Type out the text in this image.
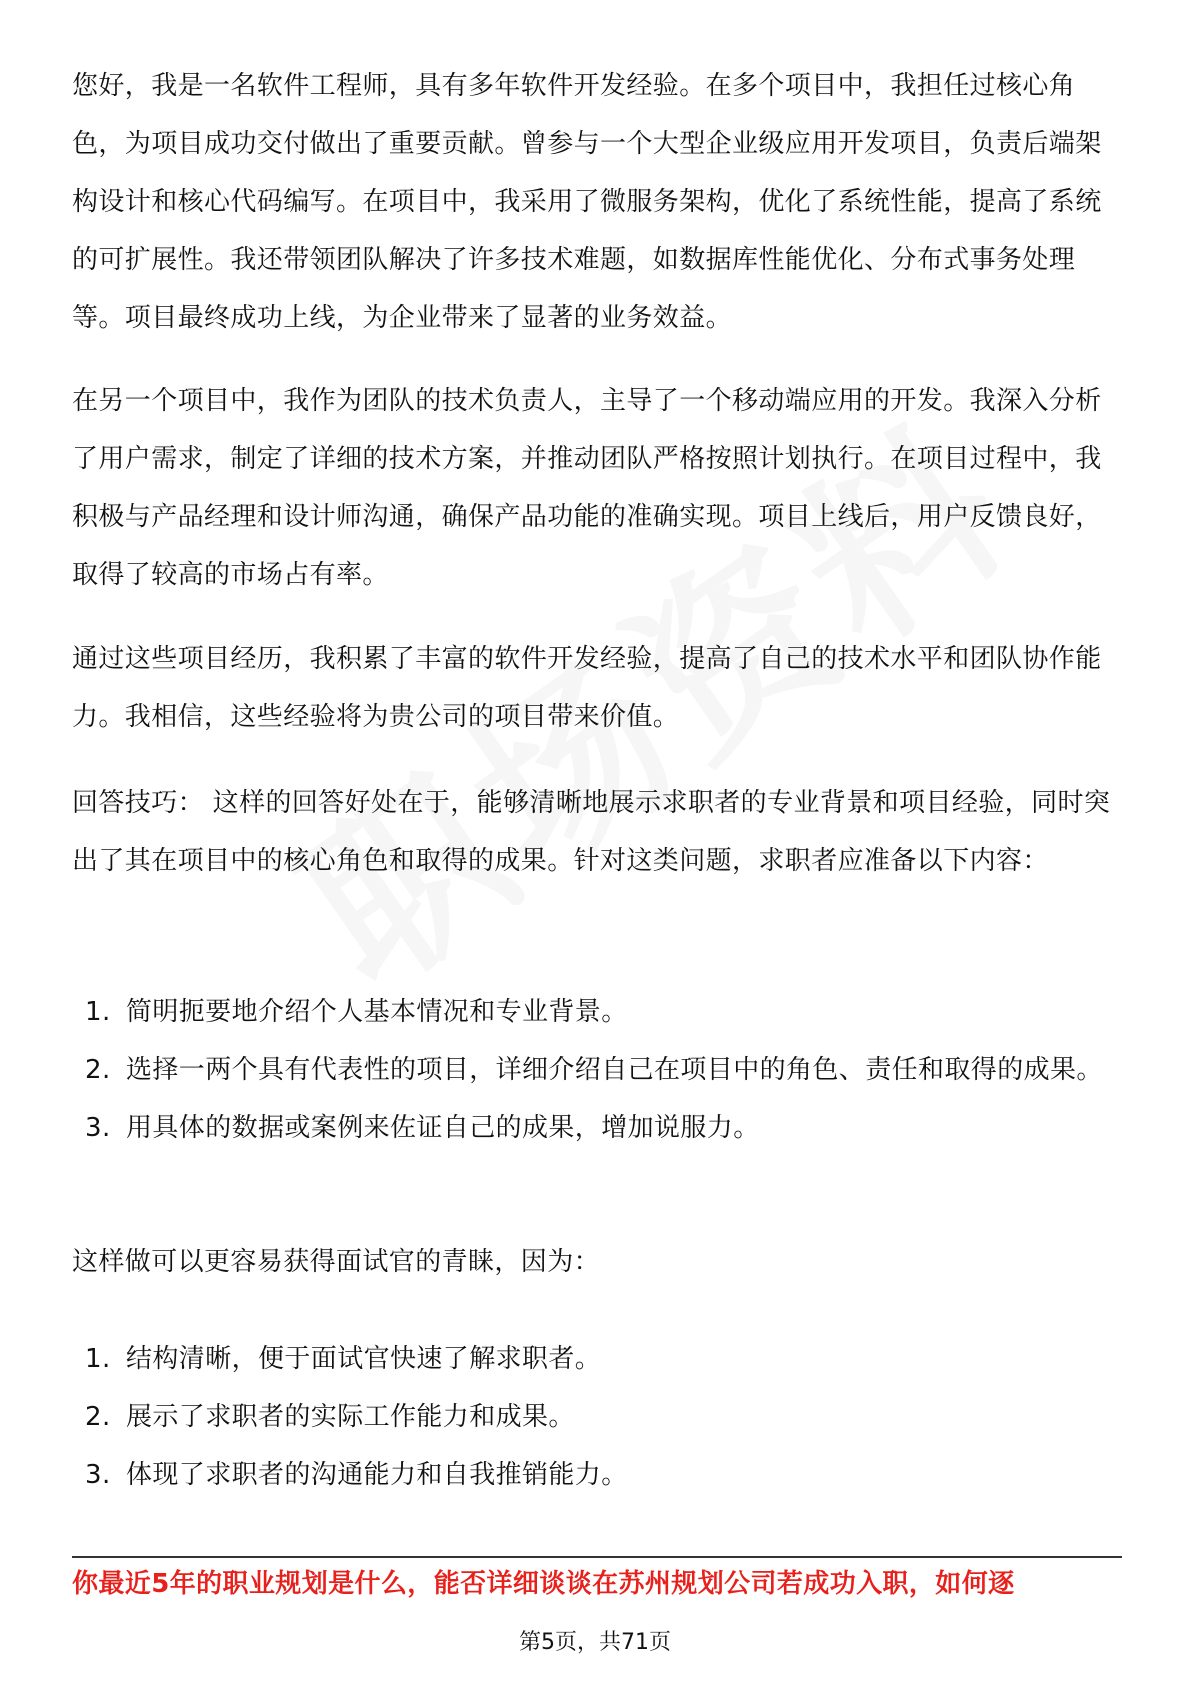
您好，我是一名软件工程师，具有多年软件开发经验。在多个项目中，我担任过核心角色，为项目成功交付做出了重要贡献。曾参与一个大型企业级应用开发项目，负责后端架构设计和核心代码编写。在项目中，我采用了微服务架构，优化了系统性能，提高了系统的可扩展性。我还带领团队解决了许多技术难题，如数据库性能优化、分布式事务处理等。项目最终成功上线，为企业带来了显著的业务效益。

在另一个项目中，我作为团队的技术负责人，主导了一个移动端应用的开发。我深入分析了用户需求，制定了详细的技术方案，并推动团队严格按照计划执行。在项目过程中，我积极与产品经理和设计师沟通，确保产品功能的准确实现。项目上线后，用户反馈良好，取得了较高的市场占有率。

通过这些项目经历，我积累了丰富的软件开发经验，提高了自己的技术水平和团队协作能力。我相信，这些经验将为贵公司的项目带来价值。

回答技巧： 这样的回答好处在于，能够清晰地展示求职者的专业背景和项目经验，同时突出了其在项目中的核心角色和取得的成果。针对这类问题，求职者应准备以下内容：

1. 简明扼要地介绍个人基本情况和专业背景。
2. 选择一两个具有代表性的项目，详细介绍自己在项目中的角色、责任和取得的成果。
3. 用具体的数据或案例来佐证自己的成果，增加说服力。

这样做可以更容易获得面试官的青睐，因为：

1. 结构清晰，便于面试官快速了解求职者。
2. 展示了求职者的实际工作能力和成果。
3. 体现了求职者的沟通能力和自我推销能力。
你最近5年的职业规划是什么，能否详细谈谈在苏州规划公司若成功入职，如何逐
第5页，共71页
